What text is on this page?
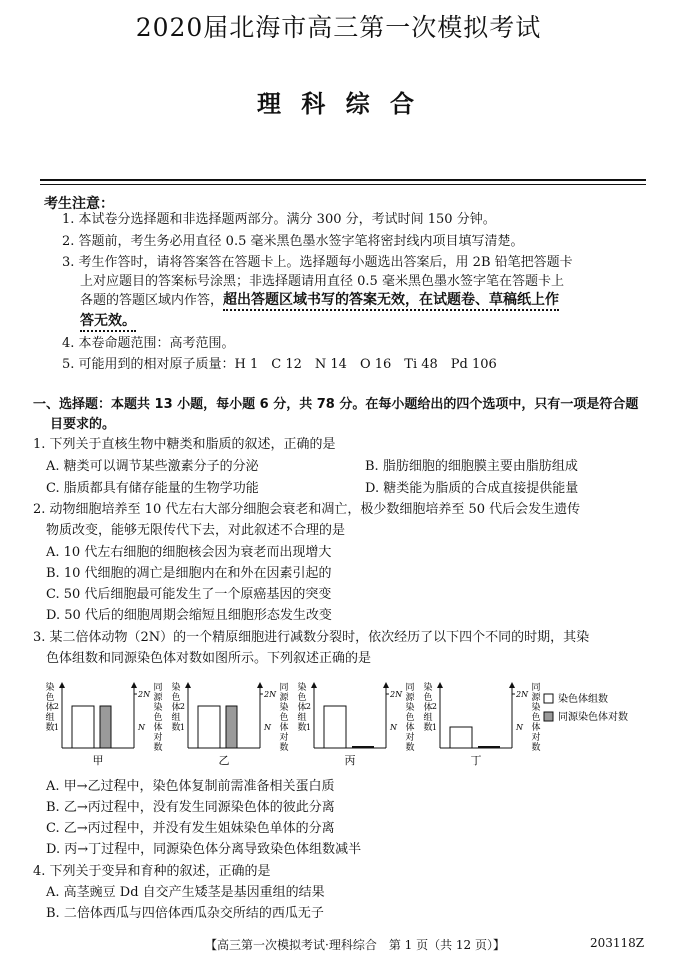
2020届北海市高三第一次模拟考试
理 科 综 合
考生注意：
1. 本试卷分选择题和非选择题两部分。满分 300 分，考试时间 150 分钟。
2. 答题前，考生务必用直径 0.5 毫米黑色墨水签字笔将密封线内项目填写清楚。
3. 考生作答时，请将答案答在答题卡上。选择题每小题选出答案后，用 2B 铅笔把答题卡
上对应题目的答案标号涂黑；非选择题请用直径 0.5 毫米黑色墨水签字笔在答题卡上
各题的答题区域内作答，超出答题区域书写的答案无效，在试题卷、草稿纸上作
答无效。
4. 本卷命题范围：高考范围。
5. 可能用到的相对原子质量：H 1　C 12　N 14　O 16　Ti 48　Pd 106
一、选择题：本题共 13 小题，每小题 6 分，共 78 分。在每小题给出的四个选项中，只有一项是符合题
目要求的。
1. 下列关于直核生物中糖类和脂质的叙述，正确的是
A. 糖类可以调节某些激素分子的分泌	B. 脂肪细胞的细胞膜主要由脂肪组成
C. 脂质都具有储存能量的生物学功能	D. 糖类能为脂质的合成直接提供能量
2. 动物细胞培养至 10 代左右大部分细胞会衰老和凋亡，极少数细胞培养至 50 代后会发生遗传
物质改变，能够无限传代下去，对此叙述不合理的是
A. 10 代左右细胞的细胞核会因为衰老而出现增大
B. 10 代细胞的凋亡是细胞内在和外在因素引起的
C. 50 代后细胞最可能发生了一个原癌基因的突变
D. 50 代后的细胞周期会缩短且细胞形态发生改变
3. 某二倍体动物（2N）的一个精原细胞进行减数分裂时，依次经历了以下四个不同的时期，其染
色体组数和同源染色体对数如图所示。下列叙述正确的是
染
色
体
组
数
2
1
2N
N
同
源
染
色
体
对
数
甲
染
色
体
组
数
2
1
2N
N
同
源
染
色
体
对
数
乙
染
色
体
组
数
2
1
2N
N
同
源
染
色
体
对
数
丙
染
色
体
组
数
2
1
2N
N
同
源
染
色
体
对
数
丁
染色体组数
同源染色体对数
A. 甲→乙过程中，染色体复制前需准备相关蛋白质
B. 乙→丙过程中，没有发生同源染色体的彼此分离
C. 乙→丙过程中，并没有发生姐妹染色单体的分离
D. 丙→丁过程中，同源染色体分离导致染色体组数减半
4. 下列关于变异和育种的叙述，正确的是
A. 高茎豌豆 Dd 自交产生矮茎是基因重组的结果
B. 二倍体西瓜与四倍体西瓜杂交所结的西瓜无子
【高三第一次模拟考试·理科综合　第 1 页（共 12 页）】	203118Z
